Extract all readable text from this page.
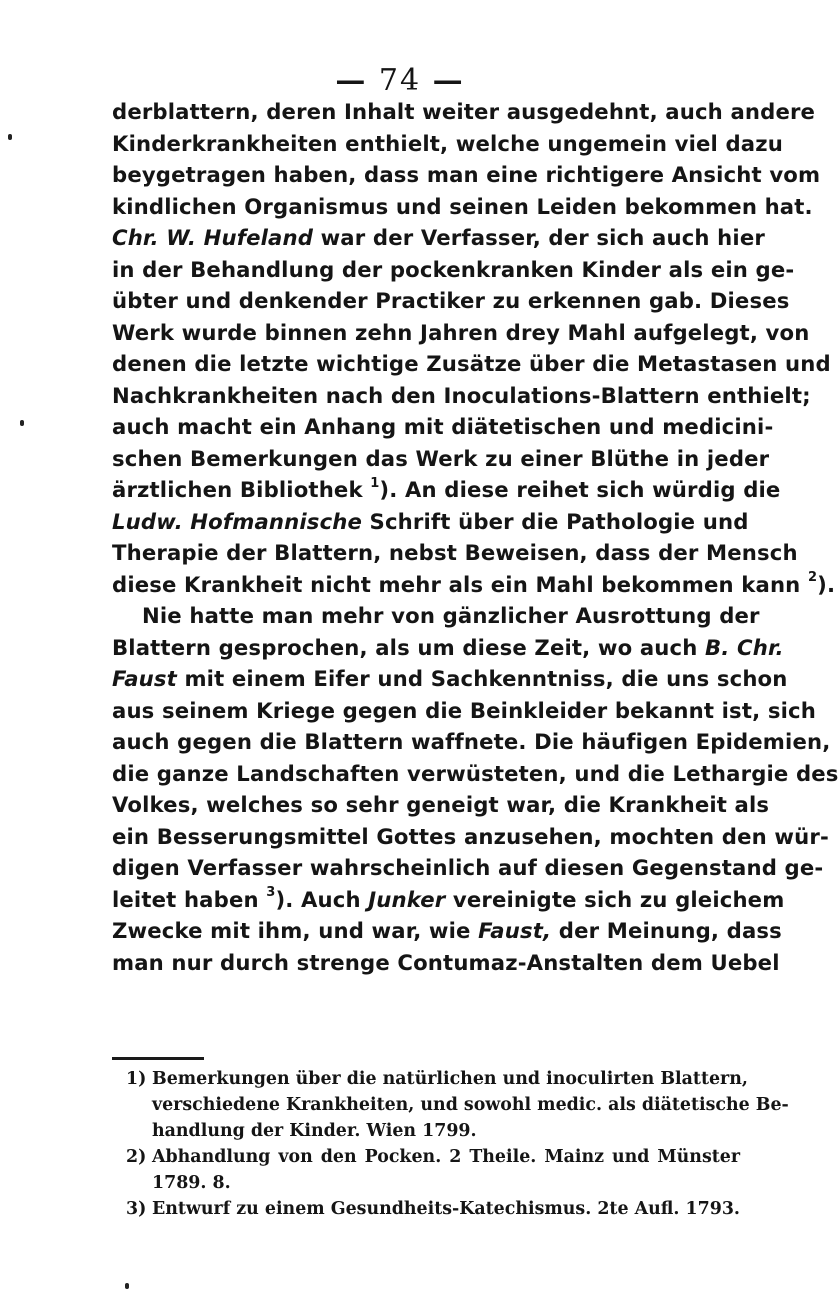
— 74 —
derblattern, deren Inhalt weiter ausgedehnt, auch andere
Kinderkrankheiten enthielt, welche ungemein viel dazu
beygetragen haben, dass man eine richtigere Ansicht vom
kindlichen Organismus und seinen Leiden bekommen hat.
Chr. W. Hufeland war der Verfasser, der sich auch hier
in der Behandlung der pockenkranken Kinder als ein ge-
übter und denkender Practiker zu erkennen gab. Dieses
Werk wurde binnen zehn Jahren drey Mahl aufgelegt, von
denen die letzte wichtige Zusätze über die Metastasen und
Nachkrankheiten nach den Inoculations-Blattern enthielt;
auch macht ein Anhang mit diätetischen und medicini-
schen Bemerkungen das Werk zu einer Blüthe in jeder
ärztlichen Bibliothek $^1$). An diese reihet sich würdig die
Ludw. Hofmannische Schrift über die Pathologie und
Therapie der Blattern, nebst Beweisen, dass der Mensch
diese Krankheit nicht mehr als ein Mahl bekommen kann $^2$).
Nie hatte man mehr von gänzlicher Ausrottung der
Blattern gesprochen, als um diese Zeit, wo auch B. Chr.
Faust mit einem Eifer und Sachkenntniss, die uns schon
aus seinem Kriege gegen die Beinkleider bekannt ist, sich
auch gegen die Blattern waffnete. Die häufigen Epidemien,
die ganze Landschaften verwüsteten, und die Lethargie des
Volkes, welches so sehr geneigt war, die Krankheit als
ein Besserungsmittel Gottes anzusehen, mochten den wür-
digen Verfasser wahrscheinlich auf diesen Gegenstand ge-
leitet haben $^3$). Auch Junker vereinigte sich zu gleichem
Zwecke mit ihm, und war, wie Faust, der Meinung, dass
man nur durch strenge Contumaz-Anstalten dem Uebel
1) Bemerkungen über die natürlichen und inoculirten Blattern,
verschiedene Krankheiten, und sowohl medic. als diätetische Be-
handlung der Kinder. Wien 1799.
2) Abhandlung von den Pocken. 2 Theile. Mainz und Münster
1789. 8.
3) Entwurf zu einem Gesundheits-Katechismus. 2te Aufl. 1793.
